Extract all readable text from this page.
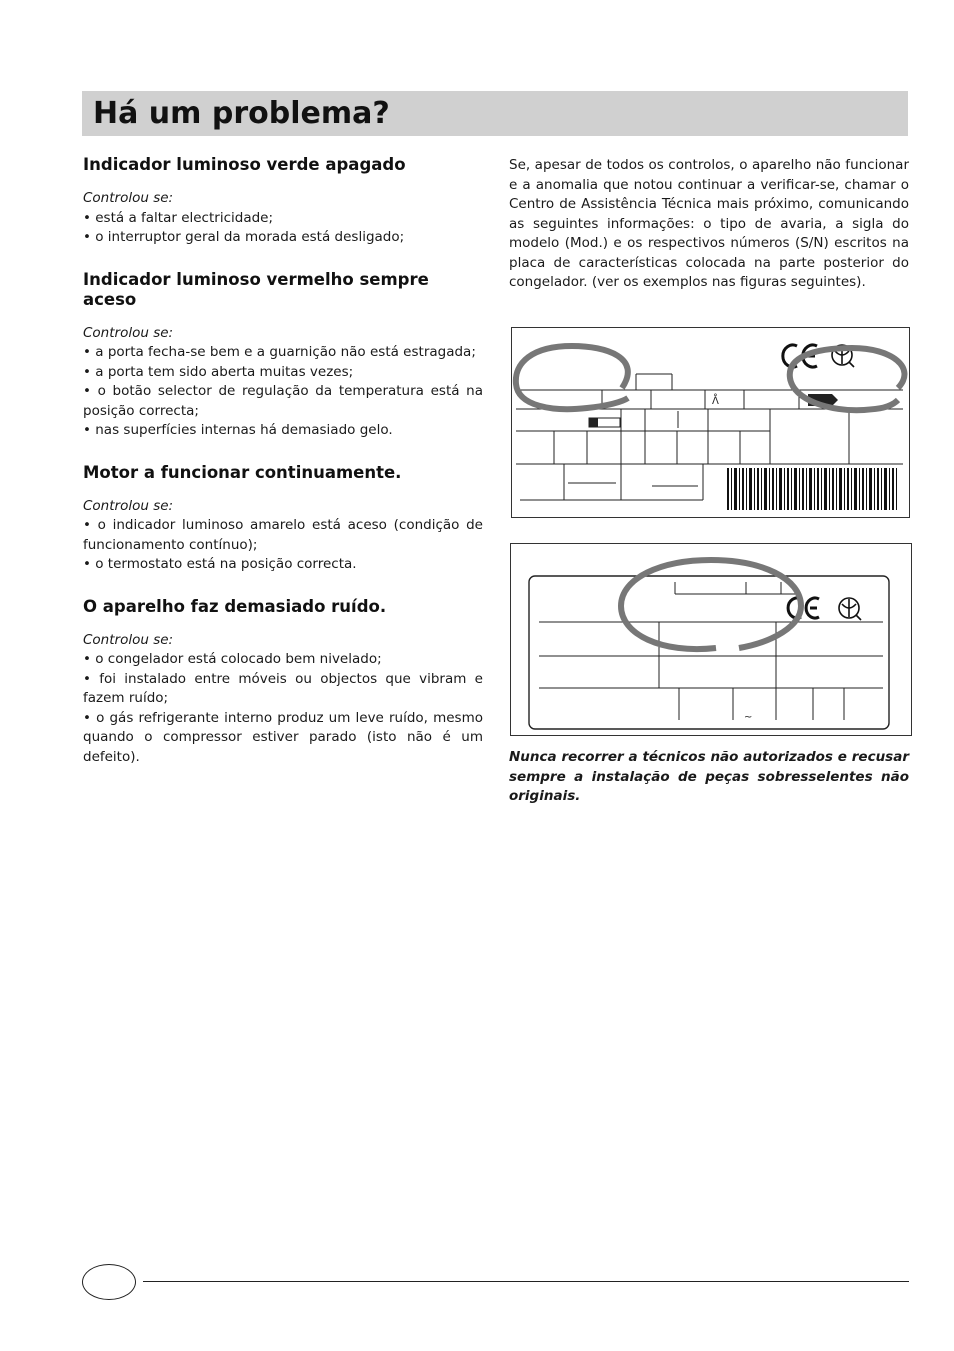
Há um problema?
Indicador luminoso verde apagado
Controlou se:
• está a faltar electricidade;
• o interruptor geral da morada está desligado;
Indicador luminoso vermelho sempre aceso
Controlou se:
• a porta fecha-se bem e a guarnição não está estragada;
• a porta tem sido aberta muitas vezes;
• o botão selector de regulação da temperatura está na posição correcta;
• nas superfícies internas há demasiado gelo.
Motor a funcionar continuamente.
Controlou se:
• o indicador luminoso amarelo está aceso (condição de funcionamento contínuo);
• o termostato está na posição correcta.
O aparelho faz demasiado ruído.
Controlou se:
• o congelador está colocado bem nivelado;
• foi instalado entre móveis ou objectos que vibram e fazem ruído;
• o gás refrigerante interno produz um leve ruído, mesmo quando o compressor estiver parado (isto não é um defeito).

Se, apesar de todos os controlos, o aparelho não funcionar e a anomalia que notou continuar a verificar-se, chamar o Centro de Assistência Técnica mais próximo, comunicando as seguintes informações: o tipo de avaria, a sigla do modelo (Mod.) e os respectivos números (S/N) escritos na placa de características colocada na parte posterior do congelador. (ver os exemplos nas figuras seguintes).

ᐰ
~
Nunca recorrer a técnicos não autorizados e recusar sempre a instalação de peças sobresselentes não originais.
